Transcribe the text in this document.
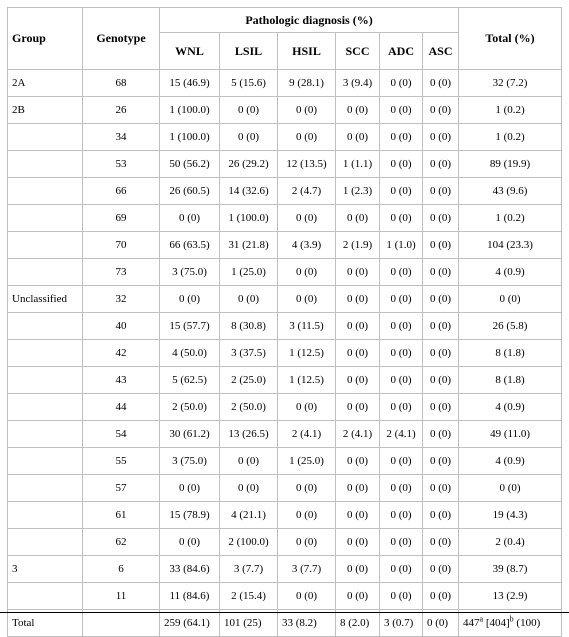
Group	Genotype	Pathologic diagnosis (%)						Total (%)
		WNL	LSIL	HSIL	SCC	ADC	ASC	
2A	68	15 (46.9)	5 (15.6)	9 (28.1)	3 (9.4)	0 (0)	0 (0)	32 (7.2)
2B	26	1 (100.0)	0 (0)	0 (0)	0 (0)	0 (0)	0 (0)	1 (0.2)
	34	1 (100.0)	0 (0)	0 (0)	0 (0)	0 (0)	0 (0)	1 (0.2)
	53	50 (56.2)	26 (29.2)	12 (13.5)	1 (1.1)	0 (0)	0 (0)	89 (19.9)
	66	26 (60.5)	14 (32.6)	2 (4.7)	1 (2.3)	0 (0)	0 (0)	43 (9.6)
	69	0 (0)	1 (100.0)	0 (0)	0 (0)	0 (0)	0 (0)	1 (0.2)
	70	66 (63.5)	31 (21.8)	4 (3.9)	2 (1.9)	1 (1.0)	0 (0)	104 (23.3)
	73	3 (75.0)	1 (25.0)	0 (0)	0 (0)	0 (0)	0 (0)	4 (0.9)
Unclassified	32	0 (0)	0 (0)	0 (0)	0 (0)	0 (0)	0 (0)	0 (0)
	40	15 (57.7)	8 (30.8)	3 (11.5)	0 (0)	0 (0)	0 (0)	26 (5.8)
	42	4 (50.0)	3 (37.5)	1 (12.5)	0 (0)	0 (0)	0 (0)	8 (1.8)
	43	5 (62.5)	2 (25.0)	1 (12.5)	0 (0)	0 (0)	0 (0)	8 (1.8)
	44	2 (50.0)	2 (50.0)	0 (0)	0 (0)	0 (0)	0 (0)	4 (0.9)
	54	30 (61.2)	13 (26.5)	2 (4.1)	2 (4.1)	2 (4.1)	0 (0)	49 (11.0)
	55	3 (75.0)	0 (0)	1 (25.0)	0 (0)	0 (0)	0 (0)	4 (0.9)
	57	0 (0)	0 (0)	0 (0)	0 (0)	0 (0)	0 (0)	0 (0)
	61	15 (78.9)	4 (21.1)	0 (0)	0 (0)	0 (0)	0 (0)	19 (4.3)
	62	0 (0)	2 (100.0)	0 (0)	0 (0)	0 (0)	0 (0)	2 (0.4)
3	6	33 (84.6)	3 (7.7)	3 (7.7)	0 (0)	0 (0)	0 (0)	39 (8.7)
	11	11 (84.6)	2 (15.4)	0 (0)	0 (0)	0 (0)	0 (0)	13 (2.9)
Total		259 (64.1)	101 (25)	33 (8.2)	8 (2.0)	3 (0.7)	0 (0)	447$^a$ $[404]^b$ (100)
